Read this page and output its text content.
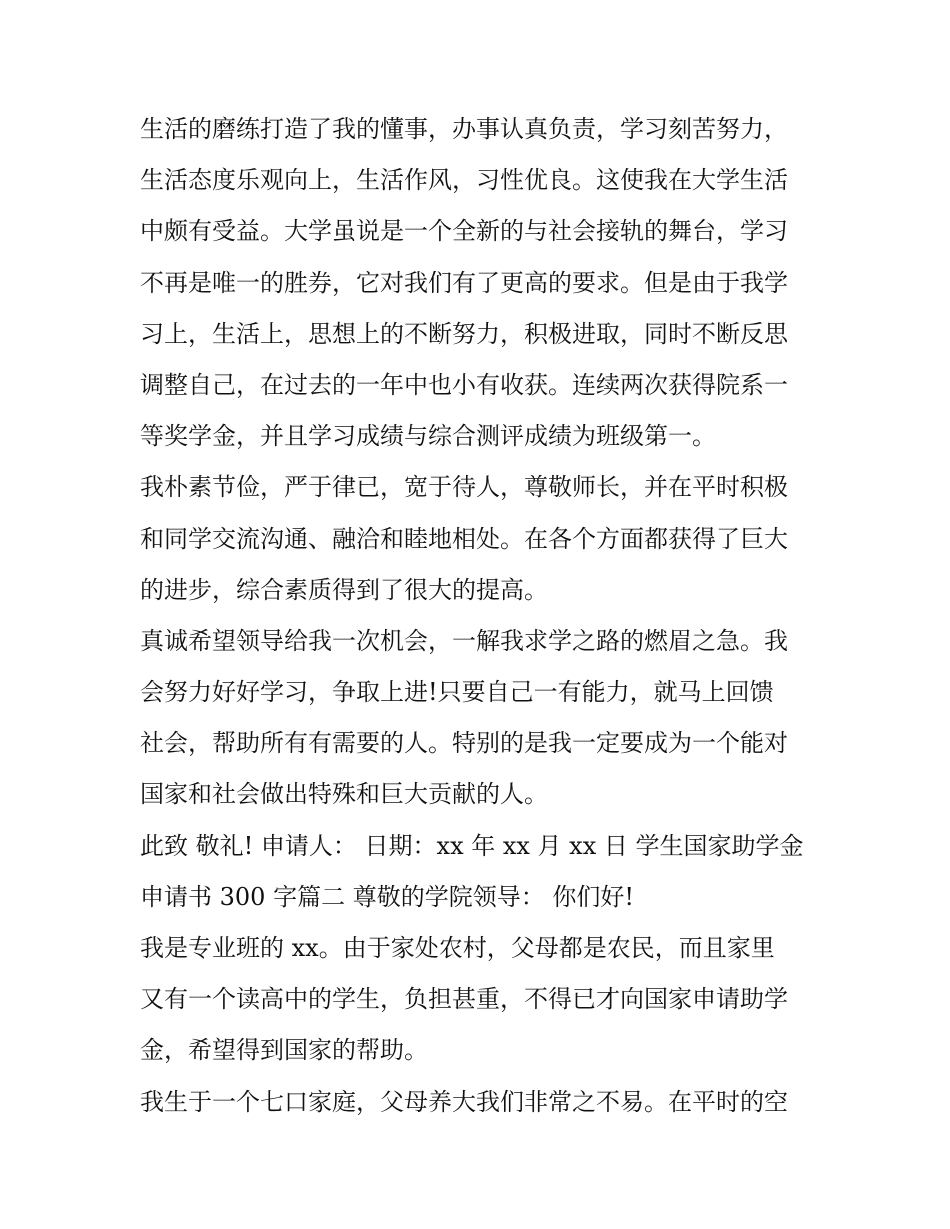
生活的磨练打造了我的懂事，办事认真负责，学习刻苦努力，
生活态度乐观向上，生活作风，习性优良。这使我在大学生活
中颇有受益。大学虽说是一个全新的与社会接轨的舞台，学习
不再是唯一的胜券，它对我们有了更高的要求。但是由于我学
习上，生活上，思想上的不断努力，积极进取，同时不断反思
调整自己，在过去的一年中也小有收获。连续两次获得院系一
等奖学金，并且学习成绩与综合测评成绩为班级第一。
我朴素节俭，严于律已，宽于待人，尊敬师长，并在平时积极
和同学交流沟通、融洽和睦地相处。在各个方面都获得了巨大
的进步，综合素质得到了很大的提高。
真诚希望领导给我一次机会，一解我求学之路的燃眉之急。我
会努力好好学习，争取上进!只要自己一有能力，就马上回馈
社会，帮助所有有需要的人。特别的是我一定要成为一个能对
国家和社会做出特殊和巨大贡献的人。
此致 敬礼! 申请人： 日期：xx 年 xx 月 xx 日 学生国家助学金
申请书 300 字篇二 尊敬的学院领导： 你们好!
我是专业班的 xx。由于家处农村，父母都是农民，而且家里
又有一个读高中的学生，负担甚重，不得已才向国家申请助学
金，希望得到国家的帮助。
我生于一个七口家庭，父母养大我们非常之不易。在平时的空
